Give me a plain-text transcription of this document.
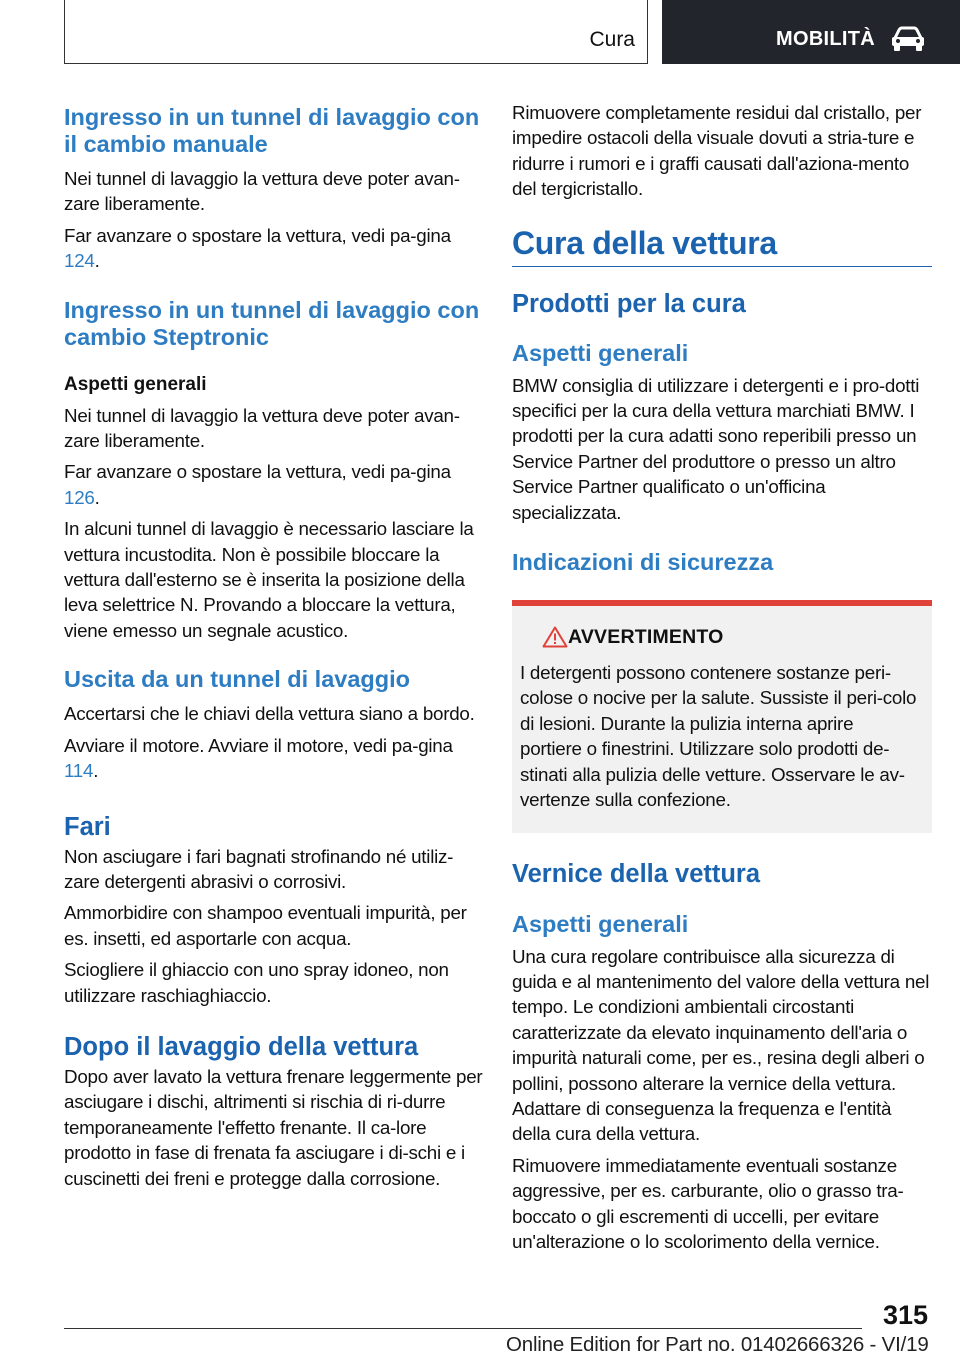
Cura	MOBILITÀ
Ingresso in un tunnel di lavaggio con il cambio manuale

Nei tunnel di lavaggio la vettura deve poter avan‐zare liberamente.

Far avanzare o spostare la vettura, vedi pa‐gina 124.

Ingresso in un tunnel di lavaggio con cambio Steptronic
Aspetti generali

Nei tunnel di lavaggio la vettura deve poter avan‐zare liberamente.

Far avanzare o spostare la vettura, vedi pa‐gina 126.

In alcuni tunnel di lavaggio è necessario lasciare la vettura incustodita. Non è possibile bloccare la vettura dall'esterno se è inserita la posizione della leva selettrice N. Provando a bloccare la vettura, viene emesso un segnale acustico.

Uscita da un tunnel di lavaggio

Accertarsi che le chiavi della vettura siano a bordo.

Avviare il motore. Avviare il motore, vedi pa‐gina 114.

Fari

Non asciugare i fari bagnati strofinando né utiliz‐zare detergenti abrasivi o corrosivi.

Ammorbidire con shampoo eventuali impurità, per es. insetti, ed asportarle con acqua.

Sciogliere il ghiaccio con uno spray idoneo, non utilizzare raschiaghiaccio.

Dopo il lavaggio della vettura

Dopo aver lavato la vettura frenare leggermente per asciugare i dischi, altrimenti si rischia di ri‐durre temporaneamente l'effetto frenante. Il ca‐lore prodotto in fase di frenata fa asciugare i di‐schi e i cuscinetti dei freni e protegge dalla corrosione.

Rimuovere completamente residui dal cristallo, per impedire ostacoli della visuale dovuti a stria‐ture e ridurre i rumori e i graffi causati dall'aziona‐mento del tergicristallo.

Cura della vettura
Prodotti per la cura
Aspetti generali

BMW consiglia di utilizzare i detergenti e i pro‐dotti specifici per la cura della vettura marchiati BMW. I prodotti per la cura adatti sono reperibili presso un Service Partner del produttore o presso un altro Service Partner qualificato o un'officina specializzata.

Indicazioni di sicurezza
AVVERTIMENTO

I detergenti possono contenere sostanze peri‐colose o nocive per la salute. Sussiste il peri‐colo di lesioni. Durante la pulizia interna aprire portiere o finestrini. Utilizzare solo prodotti de‐stinati alla pulizia delle vetture. Osservare le av‐vertenze sulla confezione.

Vernice della vettura
Aspetti generali

Una cura regolare contribuisce alla sicurezza di guida e al mantenimento del valore della vettura nel tempo. Le condizioni ambientali circostanti caratterizzate da elevato inquinamento dell'aria o impurità naturali come, per es., resina degli alberi o pollini, possono alterare la vernice della vettura. Adattare di conseguenza la frequenza e l'entità della cura della vettura.

Rimuovere immediatamente eventuali sostanze aggressive, per es. carburante, olio o grasso tra‐boccato o gli escrementi di uccelli, per evitare un'alterazione o lo scolorimento della vernice.

315
Online Edition for Part no. 01402666326 - VI/19
